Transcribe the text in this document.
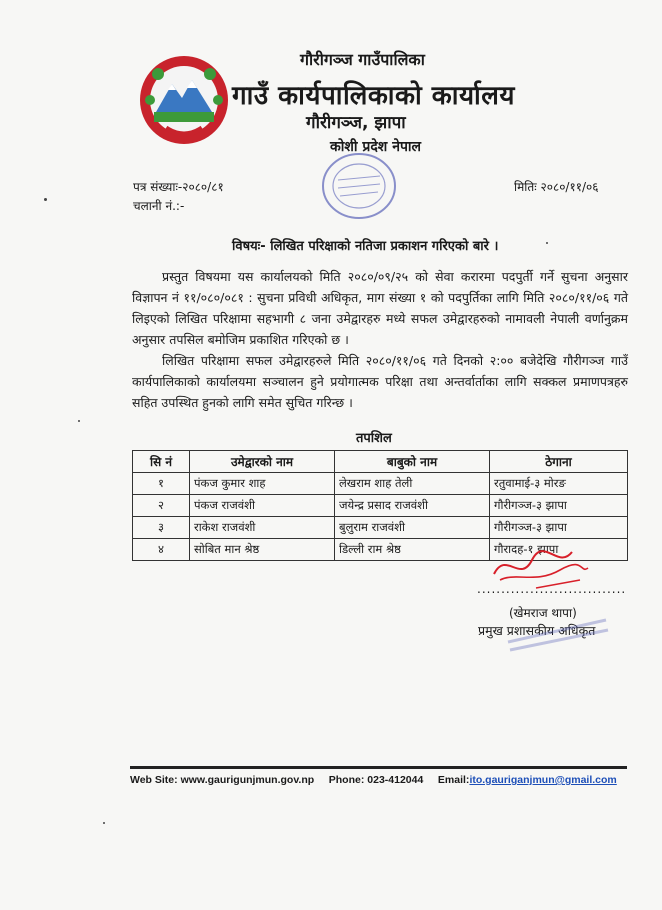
गौरीगञ्ज गाउँपालिका
गाउँ कार्यपालिकाको कार्यालय
गौरीगञ्ज, झापा
कोशी प्रदेश नेपाल
पत्र संख्याः-२०८०/८१
चलानी नं.:-
मितिः २०८०/११/०६
विषयः- लिखित परिक्षाको नतिजा प्रकाशन गरिएको बारे ।
प्रस्तुत विषयमा यस कार्यालयको मिति २०८०/०९/२५ को सेवा करारमा पदपुर्ती गर्ने सुचना अनुसार विज्ञापन नं ११/०८०/०८१ : सुचना प्रविधी अधिकृत, माग संख्या १ को पदपुर्तिका लागि मिति २०८०/११/०६ गते लिइएको लिखित परिक्षामा सहभागी ८ जना उमेद्वारहरु मध्ये सफल उमेद्वारहरुको नामावली नेपाली वर्णानुक्रम अनुसार तपसिल बमोजिम प्रकाशित गरिएको छ ।
लिखित परिक्षामा सफल उमेद्वारहरुले मिति २०८०/११/०६ गते दिनको २:०० बजेदेखि गौरीगञ्ज गाउँ कार्यपालिकाको कार्यालयमा सञ्चालन हुने प्रयोगात्मक परिक्षा तथा अन्तर्वार्ताका लागि सक्कल प्रमाणपत्रहरु सहित उपस्थित हुनको लागि समेत सुचित गरिन्छ ।
तपशिल
सि नं	उमेद्वारको नाम	बाबुको नाम	ठेगाना
१	पंकज कुमार शाह	लेखराम शाह तेली	रतुवामाई-३ मोरङ
२	पंकज राजवंशी	जयेन्द्र प्रसाद राजवंशी	गौरीगञ्ज-३ झापा
३	राकेश राजवंशी	बुलुराम राजवंशी	गौरीगञ्ज-३ झापा
४	सोबित मान श्रेष्ठ	डिल्ली राम श्रेष्ठ	गौरादह-१ झापा
...............................
(खेमराज थापा)
प्रमुख प्रशासकीय अधिकृत
Web Site: www.gaurigunjmun.gov.np Phone: 023-412044 Email:ito.gauriganjmun@gmail.com
